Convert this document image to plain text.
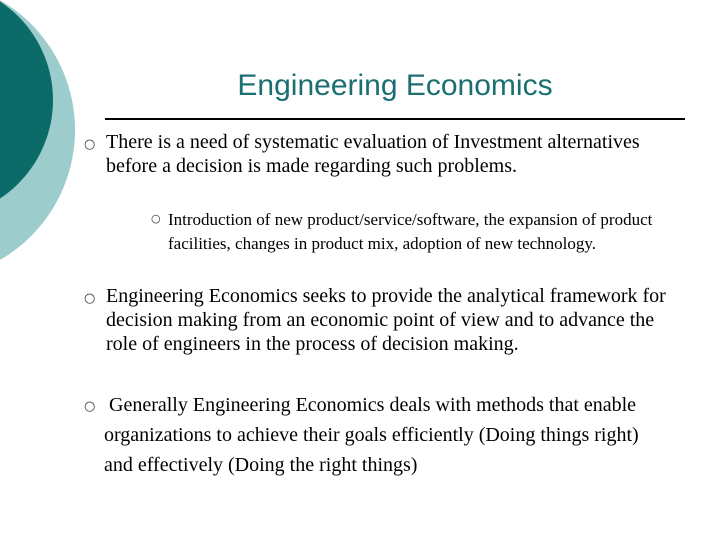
Engineering Economics
○ There is a need of systematic evaluation of Investment alternatives before a decision is made regarding such problems.

○ Introduction of new product/service/software, the expansion of product facilities, changes in product mix, adoption of new technology.

○ Engineering Economics seeks to provide the analytical framework for decision making from an economic point of view and to advance the role of engineers in the process of decision making.

○ Generally Engineering Economics deals with methods that enable organizations to achieve their goals efficiently (Doing things right) and effectively (Doing the right things)
